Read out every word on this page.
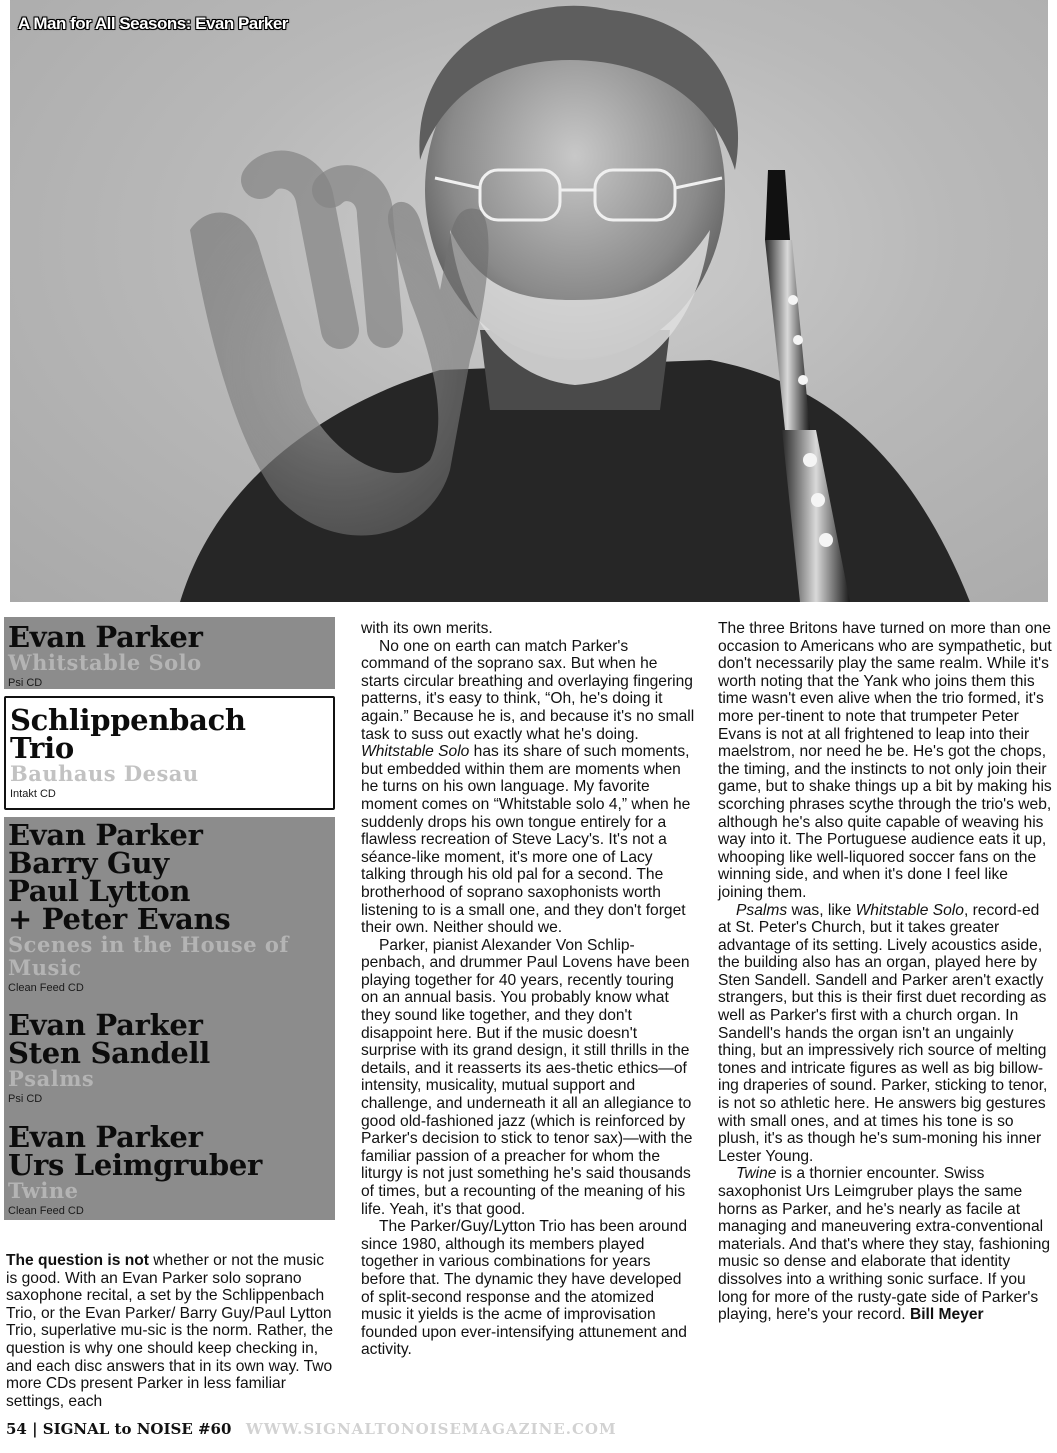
A Man for All Seasons: Evan Parker
Evan Parker
Whitstable Solo
Psi CD
Schlippenbach
Trio
Bauhaus Desau
Intakt CD
Evan Parker
Barry Guy
Paul Lytton
+ Peter Evans
Scenes in the House of
Music
Clean Feed CD
Evan Parker
Sten Sandell
Psalms
Psi CD
Evan Parker
Urs Leimgruber
Twine
Clean Feed CD

The question is not whether or not the music is good. With an Evan Parker solo soprano saxophone recital, a set by the Schlippenbach Trio, or the Evan Parker/ Barry Guy/Paul Lytton Trio, superlative mu-sic is the norm. Rather, the question is why one should keep checking in, and each disc answers that in its own way. Two more CDs present Parker in less familiar settings, each

with its own merits.

No one on earth can match Parker's command of the soprano sax. But when he starts circular breathing and overlaying fingering patterns, it's easy to think, “Oh, he's doing it again.” Because he is, and because it's no small task to suss out exactly what he's doing. Whitstable Solo has its share of such moments, but embedded within them are moments when he turns on his own language. My favorite moment comes on “Whitstable solo 4,” when he suddenly drops his own tongue entirely for a flawless recreation of Steve Lacy's. It's not a séance-like moment, it's more one of Lacy talking through his old pal for a second. The brotherhood of soprano saxophonists worth listening to is a small one, and they don't forget their own. Neither should we.

Parker, pianist Alexander Von Schlip-penbach, and drummer Paul Lovens have been playing together for 40 years, recently touring on an annual basis. You probably know what they sound like together, and they don't disappoint here. But if the music doesn't surprise with its grand design, it still thrills in the details, and it reasserts its aes-thetic ethics—of intensity, musicality, mutual support and challenge, and underneath it all an allegiance to good old-fashioned jazz (which is reinforced by Parker's decision to stick to tenor sax)—with the familiar passion of a preacher for whom the liturgy is not just something he's said thousands of times, but a recounting of the meaning of his life. Yeah, it's that good.

The Parker/Guy/Lytton Trio has been around since 1980, although its members played together in various combinations for years before that. The dynamic they have developed of split-second response and the atomized music it yields is the acme of improvisation founded upon ever-intensifying attunement and activity.

The three Britons have turned on more than one occasion to Americans who are sympathetic, but don't necessarily play the same realm. While it's worth noting that the Yank who joins them this time wasn't even alive when the trio formed, it's more per-tinent to note that trumpeter Peter Evans is not at all frightened to leap into their maelstrom, nor need he be. He's got the chops, the timing, and the instincts to not only join their game, but to shake things up a bit by making his scorching phrases scythe through the trio's web, although he's also quite capable of weaving his way into it. The Portuguese audience eats it up, whooping like well-liquored soccer fans on the winning side, and when it's done I feel like joining them.

Psalms was, like Whitstable Solo, record-ed at St. Peter's Church, but it takes greater advantage of its setting. Lively acoustics aside, the building also has an organ, played here by Sten Sandell. Sandell and Parker aren't exactly strangers, but this is their first duet recording as well as Parker's first with a church organ. In Sandell's hands the organ isn't an ungainly thing, but an impressively rich source of melting tones and intricate figures as well as big billow-ing draperies of sound. Parker, sticking to tenor, is not so athletic here. He answers big gestures with small ones, and at times his tone is so plush, it's as though he's sum-moning his inner Lester Young.

Twine is a thornier encounter. Swiss saxophonist Urs Leimgruber plays the same horns as Parker, and he's nearly as facile at managing and maneuvering extra-conventional materials. And that's where they stay, fashioning music so dense and elaborate that identity dissolves into a writhing sonic surface. If you long for more of the rusty-gate side of Parker's playing, here's your record. Bill Meyer

54 | SIGNAL to NOISE #60 WWW.SIGNALTONOISEMAGAZINE.COM
